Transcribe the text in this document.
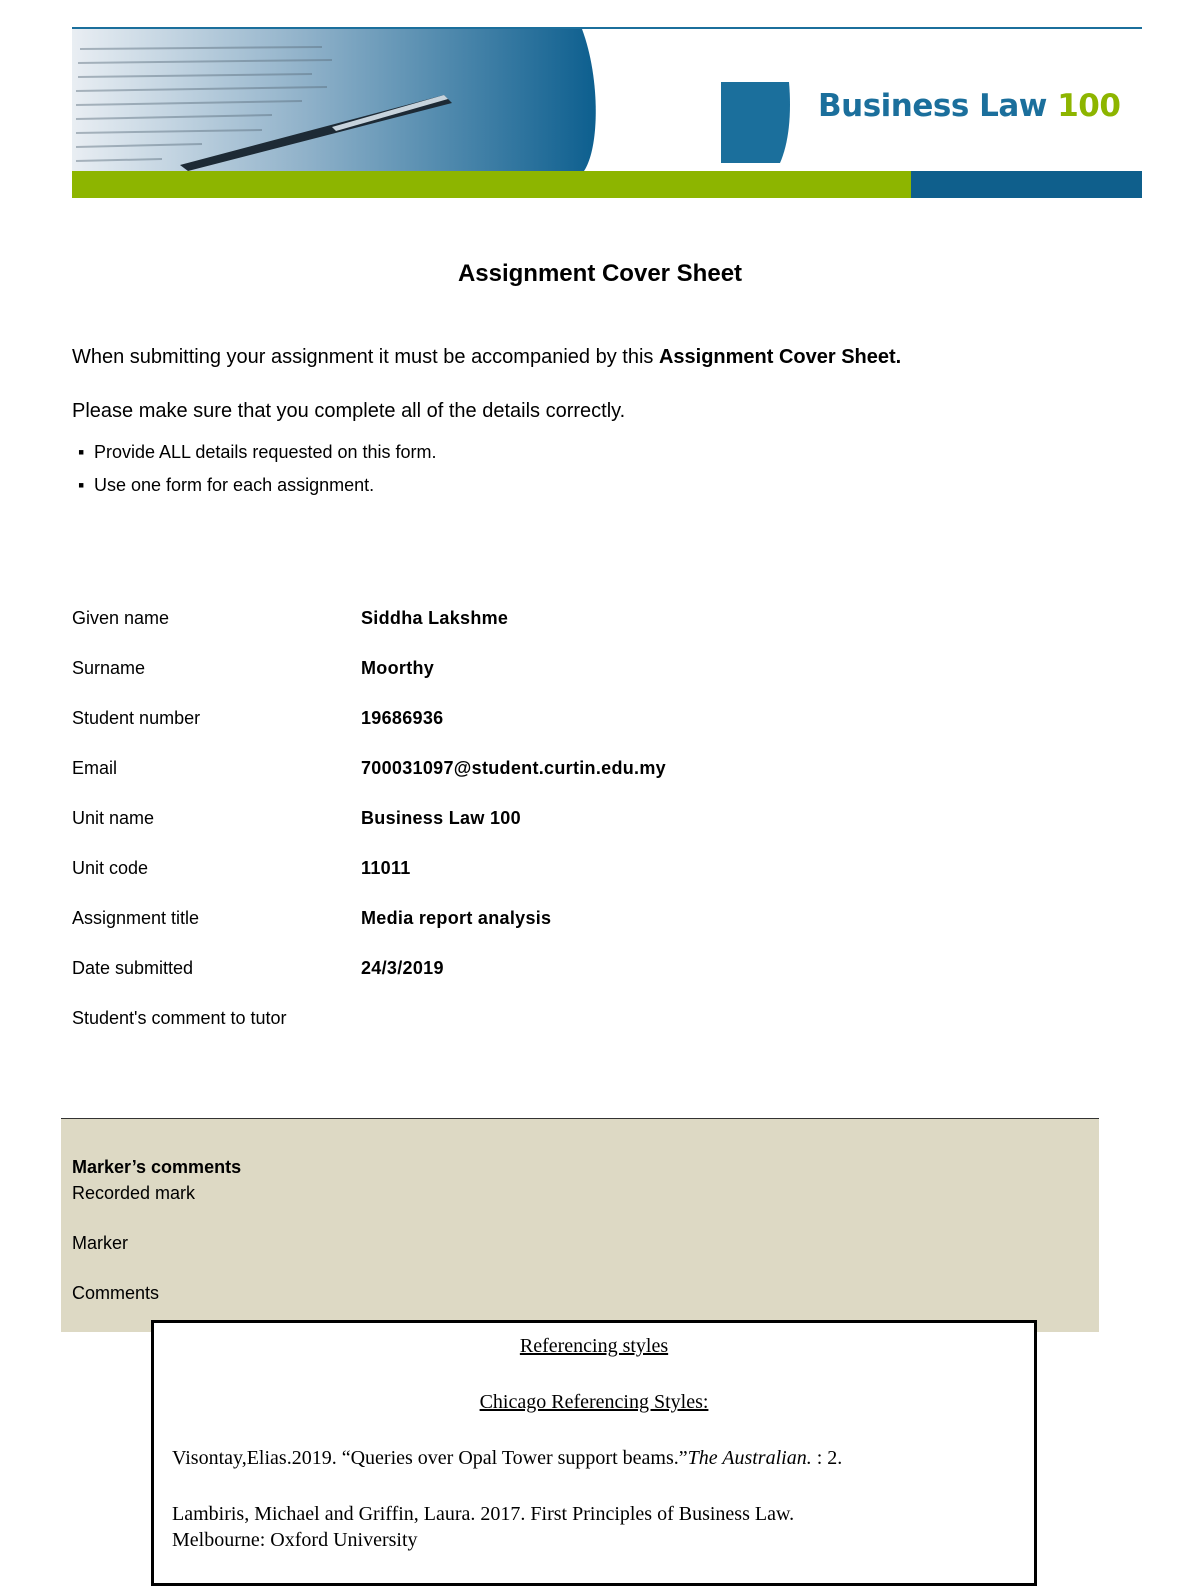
Business Law 100
Assignment Cover Sheet
When submitting your assignment it must be accompanied by this Assignment Cover Sheet.
Please make sure that you complete all of the details correctly.
▪ Provide ALL details requested on this form.
▪ Use one form for each assignment.
Given name	Siddha Lakshme
Surname	Moorthy
Student number	19686936
Email	700031097@student.curtin.edu.my
Unit name	Business Law 100
Unit code	11011
Assignment title	Media report analysis
Date submitted	24/3/2019
Student's comment to tutor
Marker’s comments
Recorded mark
Marker
Comments
Referencing styles
Chicago Referencing Styles:
Visontay,Elias.2019. “Queries over Opal Tower support beams.”The Australian. : 2.
Lambiris, Michael and Griffin, Laura. 2017. First Principles of Business Law.
Melbourne: Oxford University
